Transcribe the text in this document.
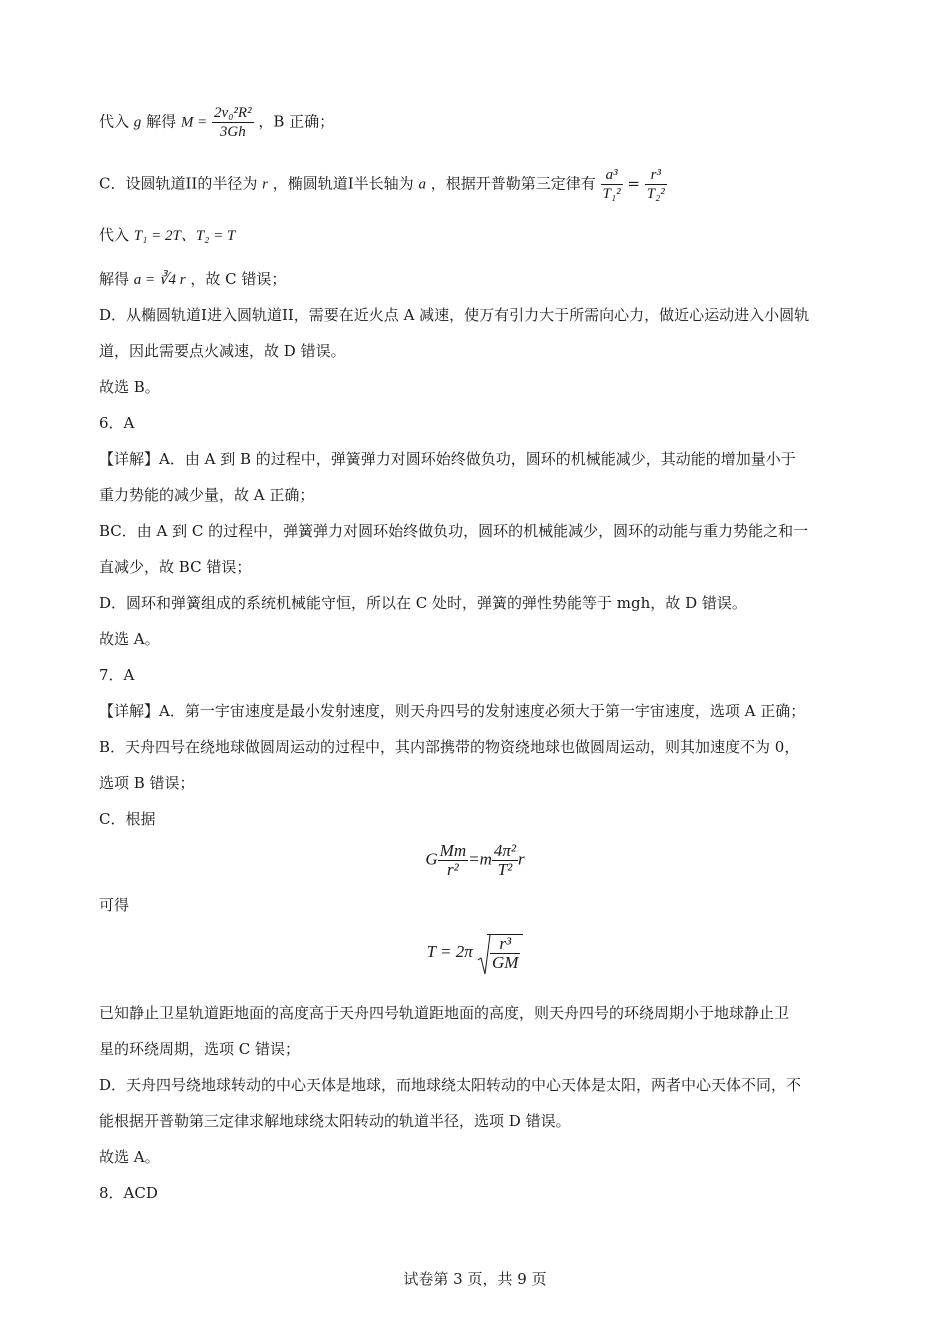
代入 g 解得 $M = \frac{\text{2v₀²R²}}{3Gh}$ ，B 正确；
C．设圆轨道II的半径为 r ，椭圆轨道I半长轴为 a ，根据开普勒第三定律有 $\frac{\text{a³}}{\text{T₁²}} = \frac{\text{r³}}{\text{T₂²}}$
代入 T₁ = 2T、T₂ = T
解得 a = ∛4 r ，故 C 错误；
D．从椭圆轨道I进入圆轨道II，需要在近火点 A 减速，使万有引力大于所需向心力，做近心运动进入小圆轨
道，因此需要点火减速，故 D 错误。
故选 B。
6．A
【详解】A．由 A 到 B 的过程中，弹簧弹力对圆环始终做负功，圆环的机械能减少，其动能的增加量小于
重力势能的减少量，故 A 正确；
BC．由 A 到 C 的过程中，弹簧弹力对圆环始终做负功，圆环的机械能减少，圆环的动能与重力势能之和一
直减少，故 BC 错误；
D．圆环和弹簧组成的系统机械能守恒，所以在 C 处时，弹簧的弹性势能等于 mgh，故 D 错误。
故选 A。
7．A
【详解】A．第一宇宙速度是最小发射速度，则天舟四号的发射速度必须大于第一宇宙速度，选项 A 正确；
B．天舟四号在绕地球做圆周运动的过程中，其内部携带的物资绕地球也做圆周运动，则其加速度不为 0，
选项 B 错误；
C．根据
G $\frac{Mm}{\text{r²}} =m \frac{\text{4π²}}{\text{T²}}$ r
可得
$T = 2\pi \frac{\text{r³}}{GM}$
已知静止卫星轨道距地面的高度高于天舟四号轨道距地面的高度，则天舟四号的环绕周期小于地球静止卫
星的环绕周期，选项 C 错误；
D．天舟四号绕地球转动的中心天体是地球，而地球绕太阳转动的中心天体是太阳，两者中心天体不同，不
能根据开普勒第三定律求解地球绕太阳转动的轨道半径，选项 D 错误。
故选 A。
8．ACD
试卷第 3 页，共 9 页
